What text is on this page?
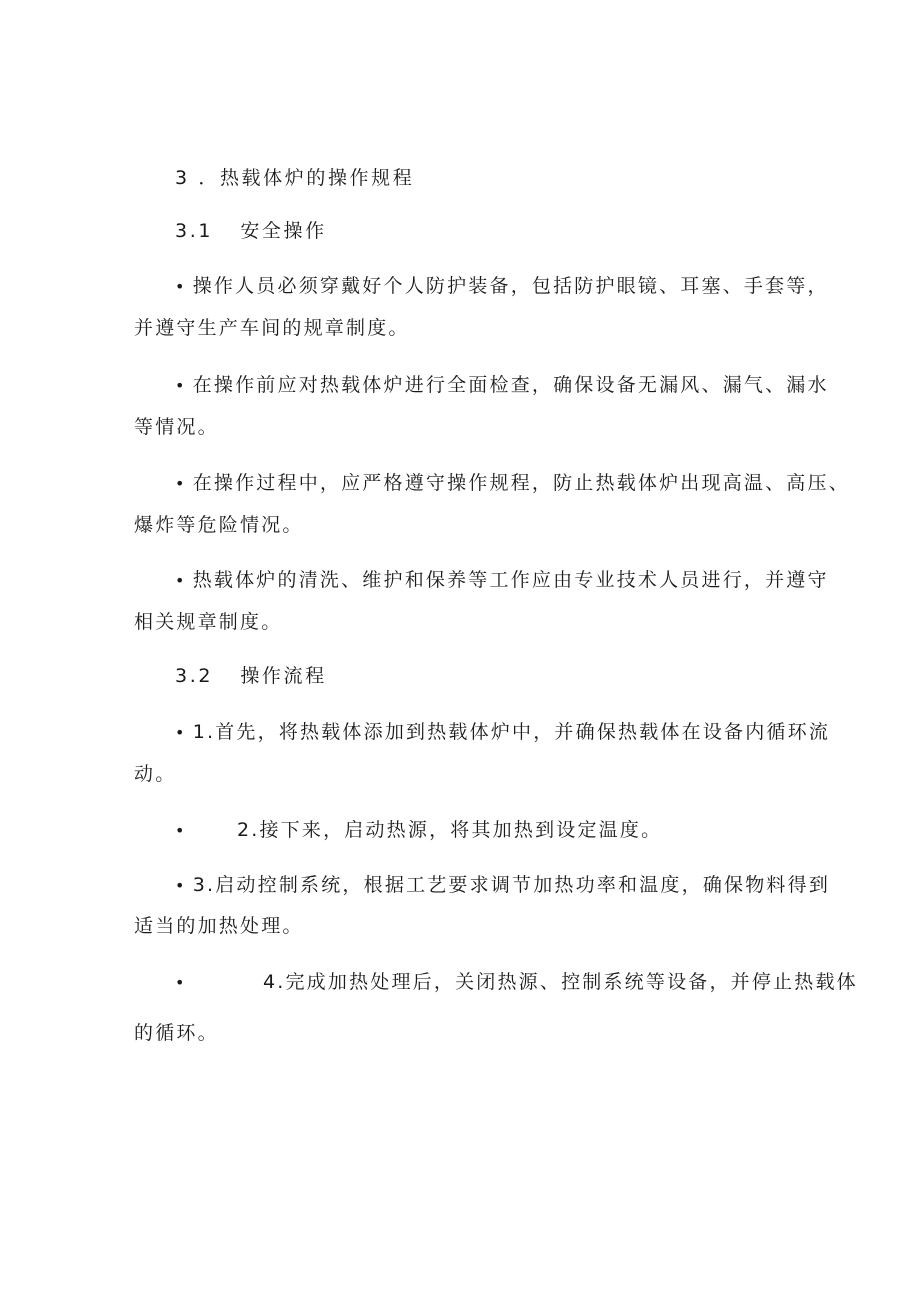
3 ．热载体炉的操作规程
3.1 安全操作
• 操作人员必须穿戴好个人防护装备，包括防护眼镜、耳塞、手套等，
并遵守生产车间的规章制度。
• 在操作前应对热载体炉进行全面检查，确保设备无漏风、漏气、漏水
等情况。
• 在操作过程中，应严格遵守操作规程，防止热载体炉出现高温、高压、
爆炸等危险情况。
• 热载体炉的清洗、维护和保养等工作应由专业技术人员进行，并遵守
相关规章制度。
3.2 操作流程
• 1.首先，将热载体添加到热载体炉中，并确保热载体在设备内循环流
动。
•	2.接下来，启动热源，将其加热到设定温度。
• 3.启动控制系统，根据工艺要求调节加热功率和温度，确保物料得到
适当的加热处理。
•	4.完成加热处理后，关闭热源、控制系统等设备，并停止热载体
的循环。
